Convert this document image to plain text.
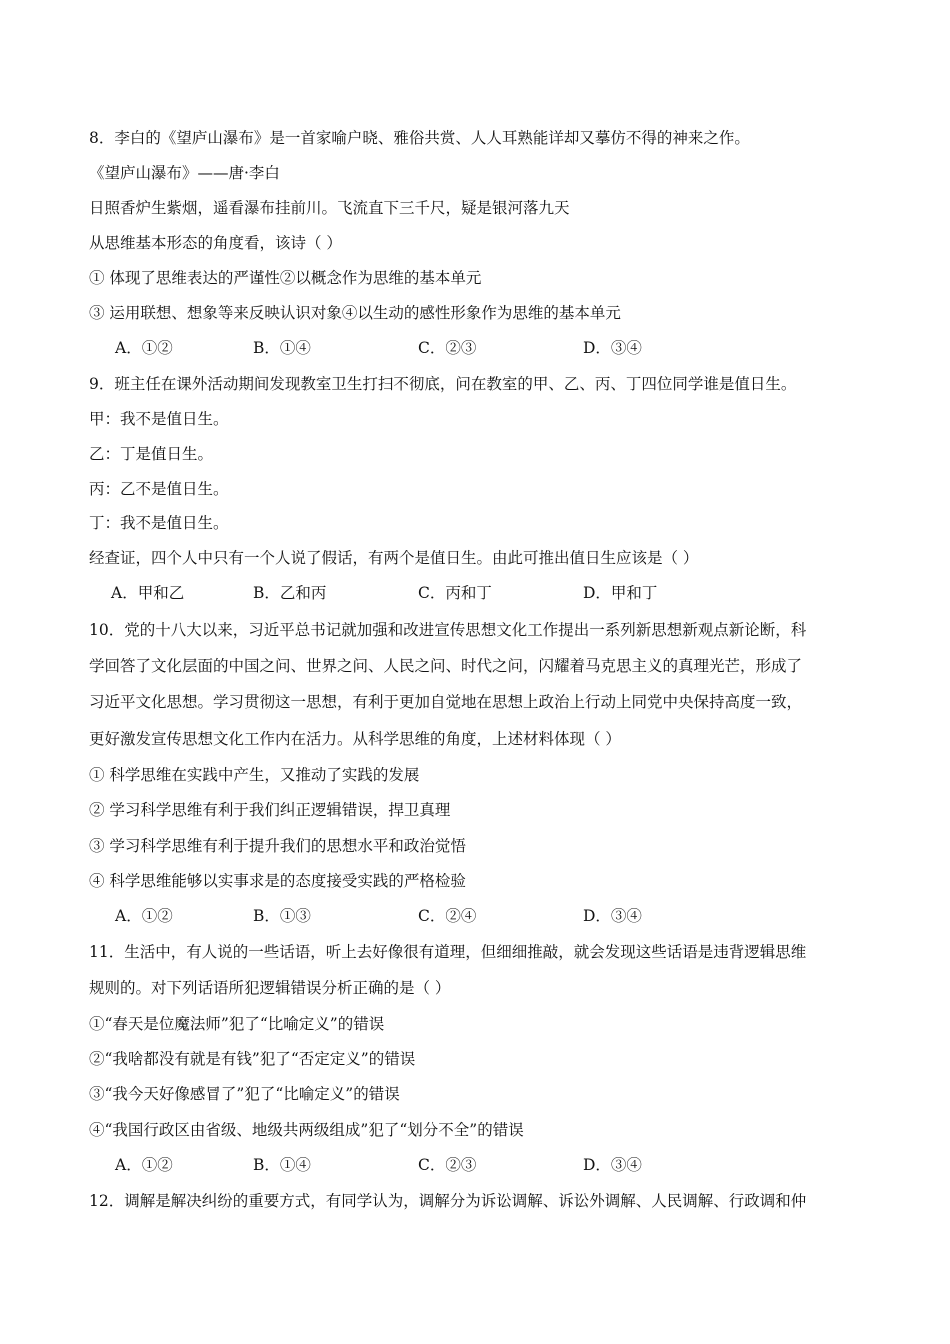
8．李白的《望庐山瀑布》是一首家喻户晓、雅俗共赏、人人耳熟能详却又摹仿不得的神来之作。
《望庐山瀑布》——唐·李白
日照香炉生紫烟，遥看瀑布挂前川。飞流直下三千尺，疑是银河落九天
从思维基本形态的角度看，该诗（ ）
① 体现了思维表达的严谨性②以概念作为思维的基本单元
③ 运用联想、想象等来反映认识对象④以生动的感性形象作为思维的基本单元
A．①②	B．①④	C．②③	D．③④
9．班主任在课外活动期间发现教室卫生打扫不彻底，问在教室的甲、乙、丙、丁四位同学谁是值日生。
甲：我不是值日生。
乙：丁是值日生。
丙：乙不是值日生。
丁：我不是值日生。
经查证，四个人中只有一个人说了假话，有两个是值日生。由此可推出值日生应该是（ ）
A．甲和乙	B．乙和丙	C．丙和丁	D．甲和丁
10．党的十八大以来，习近平总书记就加强和改进宣传思想文化工作提出一系列新思想新观点新论断，科
学回答了文化层面的中国之问、世界之问、人民之问、时代之问，闪耀着马克思主义的真理光芒，形成了
习近平文化思想。学习贯彻这一思想，有利于更加自觉地在思想上政治上行动上同党中央保持高度一致，
更好激发宣传思想文化工作内在活力。从科学思维的角度，上述材料体现（ ）
① 科学思维在实践中产生，又推动了实践的发展
② 学习科学思维有利于我们纠正逻辑错误，捍卫真理
③ 学习科学思维有利于提升我们的思想水平和政治觉悟
④ 科学思维能够以实事求是的态度接受实践的严格检验
A．①②	B．①③	C．②④	D．③④
11．生活中，有人说的一些话语，听上去好像很有道理，但细细推敲，就会发现这些话语是违背逻辑思维
规则的。对下列话语所犯逻辑错误分析正确的是（ ）
①“春天是位魔法师”犯了“比喻定义”的错误
②“我啥都没有就是有钱”犯了“否定定义”的错误
③“我今天好像感冒了”犯了“比喻定义”的错误
④“我国行政区由省级、地级共两级组成”犯了“划分不全”的错误
A．①②	B．①④	C．②③	D．③④
12．调解是解决纠纷的重要方式，有同学认为，调解分为诉讼调解、诉讼外调解、人民调解、行政调和仲
